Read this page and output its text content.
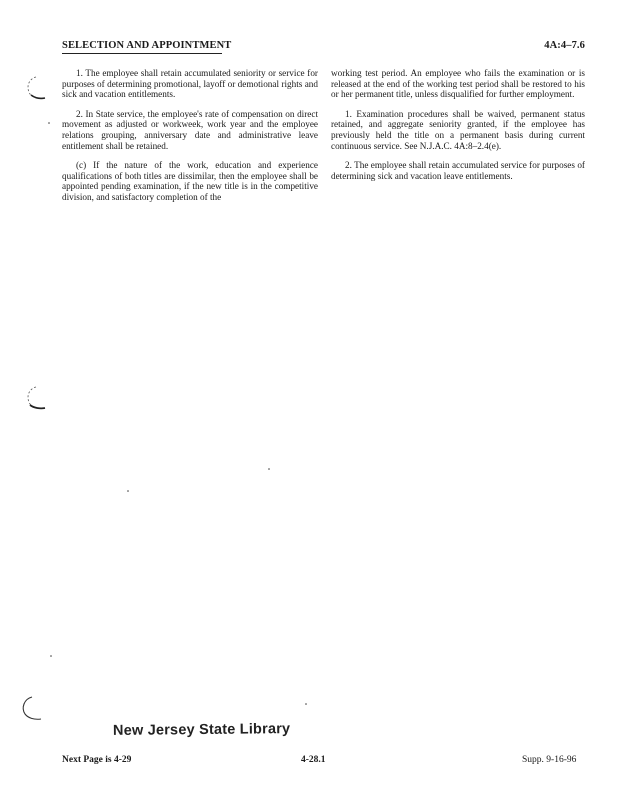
SELECTION AND APPOINTMENT	4A:4–7.6

1. The employee shall retain accumulated seniority or service for purposes of determining promotional, layoff or demotional rights and sick and vacation entitlements.

2. In State service, the employee's rate of compensation on direct movement as adjusted or workweek, work year and the employee relations grouping, anniversary date and administrative leave entitlement shall be retained.

(c) If the nature of the work, education and experience qualifications of both titles are dissimilar, then the employee shall be appointed pending examination, if the new title is in the competitive division, and satisfactory completion of the

working test period. An employee who fails the examination or is released at the end of the working test period shall be restored to his or her permanent title, unless disqualified for further employment.

1. Examination procedures shall be waived, permanent status retained, and aggregate seniority granted, if the employee has previously held the title on a permanent basis during current continuous service. See N.J.A.C. 4A:8–2.4(e).

2. The employee shall retain accumulated service for purposes of determining sick and vacation leave entitlements.

New Jersey State Library
Next Page is 4-29	4-28.1	Supp. 9-16-96
